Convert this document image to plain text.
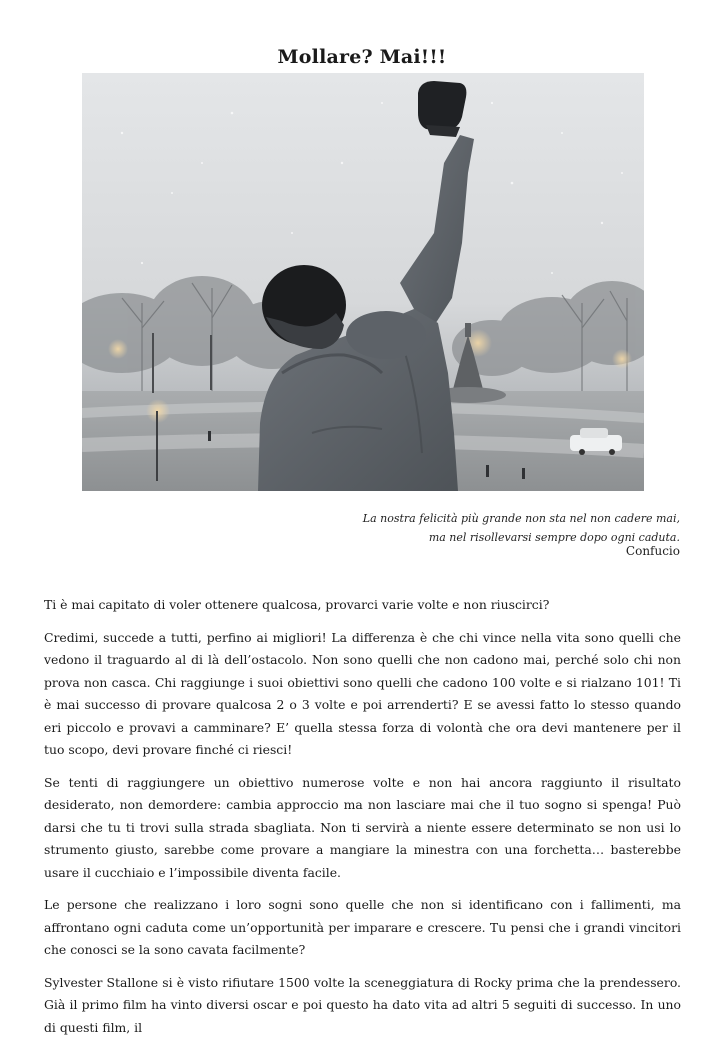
Mollare? Mai!!!
La nostra felicità più grande non sta nel non cadere mai,
ma nel risollevarsi sempre dopo ogni caduta.
Confucio

Ti è mai capitato di voler ottenere qualcosa, provarci varie volte e non riuscirci?

Credimi, succede a tutti, perfino ai migliori! La differenza è che chi vince nella vita sono quelli che vedono il traguardo al di là dell’ostacolo. Non sono quelli che non cadono mai, perché solo chi non prova non casca. Chi raggiunge i suoi obiettivi sono quelli che cadono 100 volte e si rialzano 101! Ti è mai successo di provare qualcosa 2 o 3 volte e poi arrenderti? E se avessi fatto lo stesso quando eri piccolo e provavi a camminare? E’ quella stessa forza di volontà che ora devi mantenere per il tuo scopo, devi provare finché ci riesci!

Se tenti di raggiungere un obiettivo numerose volte e non hai ancora raggiunto il risultato desiderato, non demordere: cambia approccio ma non lasciare mai che il tuo sogno si spenga! Può darsi che tu ti trovi sulla strada sbagliata. Non ti servirà a niente essere determinato se non usi lo strumento giusto, sarebbe come provare a mangiare la minestra con una forchetta… basterebbe usare il cucchiaio e l’impossibile diventa facile.

Le persone che realizzano i loro sogni sono quelle che non si identificano con i fallimenti, ma affrontano ogni caduta come un’opportunità per imparare e crescere. Tu pensi che i grandi vincitori che conosci se la sono cavata facilmente?

Sylvester Stallone si è visto rifiutare 1500 volte la sceneggiatura di Rocky prima che la prendessero. Già il primo film ha vinto diversi oscar e poi questo ha dato vita ad altri 5 seguiti di successo. In uno di questi film, il
